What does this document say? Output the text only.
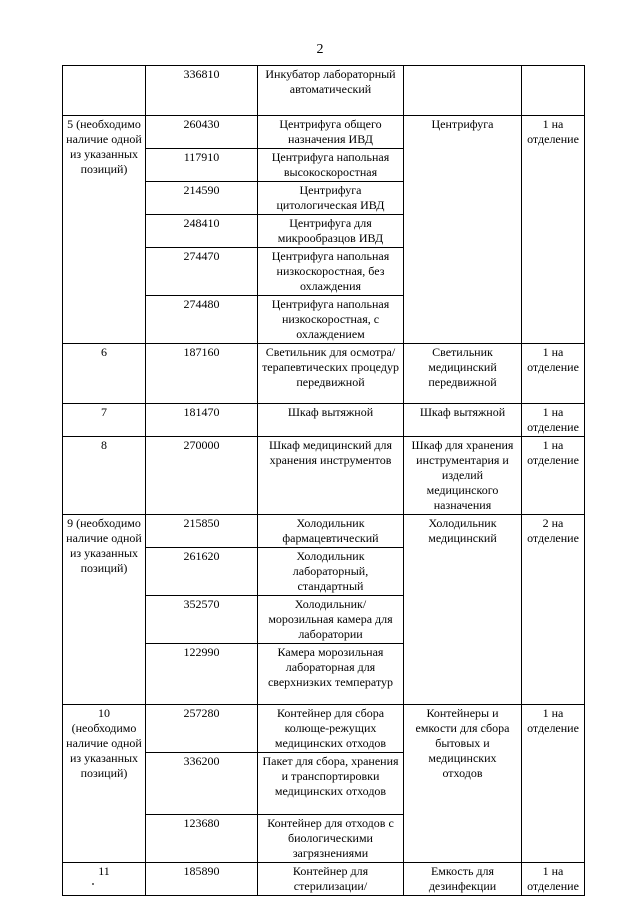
2
	336810	Инкубатор лабораторный автоматический		
5 (необходимо наличие одной из указанных позиций)	260430	Центрифуга общего назначения ИВД	Центрифуга	1 на отделение
	117910	Центрифуга напольная высокоскоростная		
	214590	Центрифуга цитологическая ИВД		
	248410	Центрифуга для микрообразцов ИВД		
	274470	Центрифуга напольная низкоскоростная, без охлаждения		
	274480	Центрифуга напольная низкоскоростная, с охлаждением		
6	187160	Светильник для осмотра/ терапевтических процедур передвижной	Светильник медицинский передвижной	1 на отделение
7	181470	Шкаф вытяжной	Шкаф вытяжной	1 на отделение
8	270000	Шкаф медицинский для хранения инструментов	Шкаф для хранения инструментария и изделий медицинского назначения	1 на отделение
9 (необходимо наличие одной из указанных позиций)	215850	Холодильник фармацевтический	Холодильник медицинский	2 на отделение
	261620	Холодильник лабораторный, стандартный		
	352570	Холодильник/ морозильная камера для лаборатории		
	122990	Камера морозильная лабораторная для сверхнизких температур		
10 (необходимо наличие одной из указанных позиций)	257280	Контейнер для сбора колюще-режущих медицинских отходов	Контейнеры и емкости для сбора бытовых и медицинских отходов	1 на отделение
	336200	Пакет для сбора, хранения и транспортировки медицинских отходов		
	123680	Контейнер для отходов с биологическими загрязнениями		
11	185890	Контейнер для стерилизации/	Емкость для дезинфекции	1 на отделение
